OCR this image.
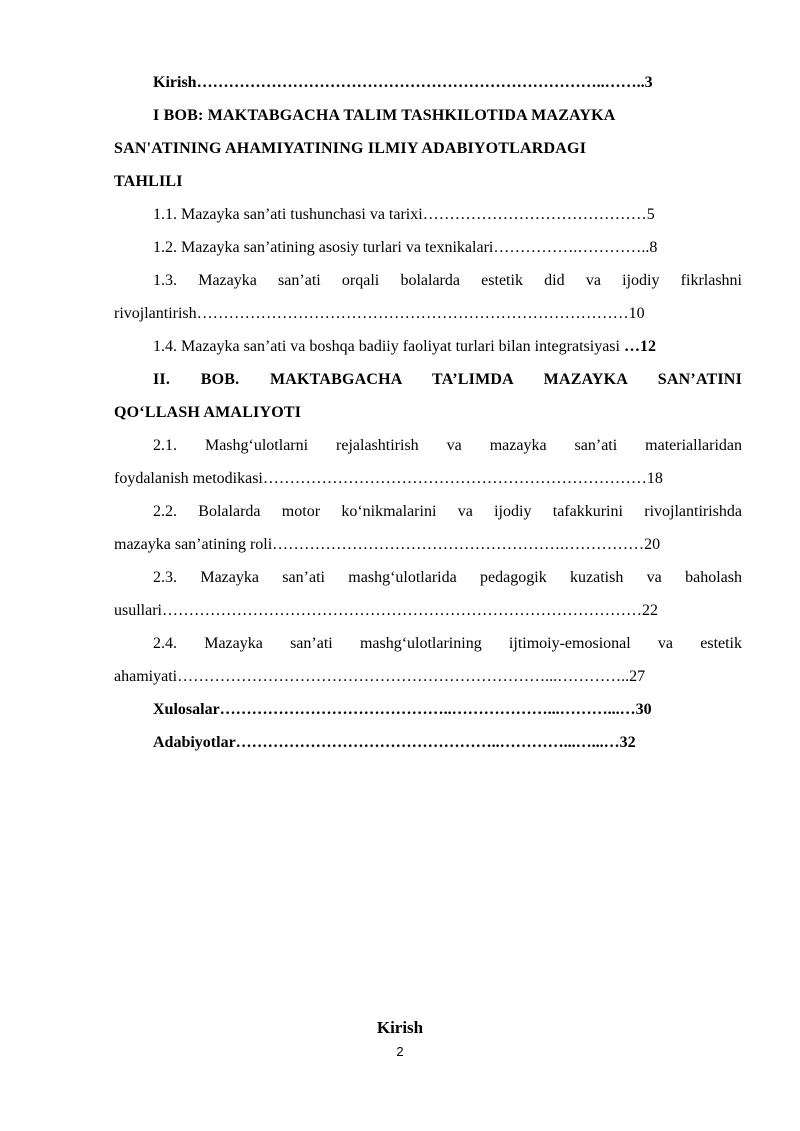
Kirish…………………………………………………………………..……..3
I BOB: MAKTABGACHA TALIM TASHKILOTIDA MAZAYKA
SAN'ATINING AHAMIYATINING ILMIY ADABIYOTLARDAGI
TAHLILI
1.1. Mazayka san’ati tushunchasi va tarixi……………………………………5
1.2. Mazayka san’atining asosiy turlari va texnikalari…………….…………..8
1.3. Mazayka san’ati orqali bolalarda estetik did va ijodiy fikrlashni
rivojlantirish………………………………………………………………………10
1.4. Mazayka san’ati va boshqa badiiy faoliyat turlari bilan integratsiyasi …12
II. BOB. MAKTABGACHA TA’LIMDA MAZAYKA SAN’ATINI
QO‘LLASH AMALIYOTI
2.1. Mashg‘ulotlarni rejalashtirish va mazayka san’ati materiallaridan
foydalanish metodikasi………………………………………………………………18
2.2. Bolalarda motor ko‘nikmalarini va ijodiy tafakkurini rivojlantirishda
mazayka san’atining roli……………………………………………….……………20
2.3. Mazayka san’ati mashg‘ulotlarida pedagogik kuzatish va baholash
usullari………………………………………………………………………………22
2.4. Mazayka san’ati mashg‘ulotlarining ijtimoiy-emosional va estetik
ahamiyati……………………………………………………………...…………..27
Xulosalar……………………………………..………………...………...…30
Adabiyotlar…………………………………………..…………...…...…32
Kirish
2
